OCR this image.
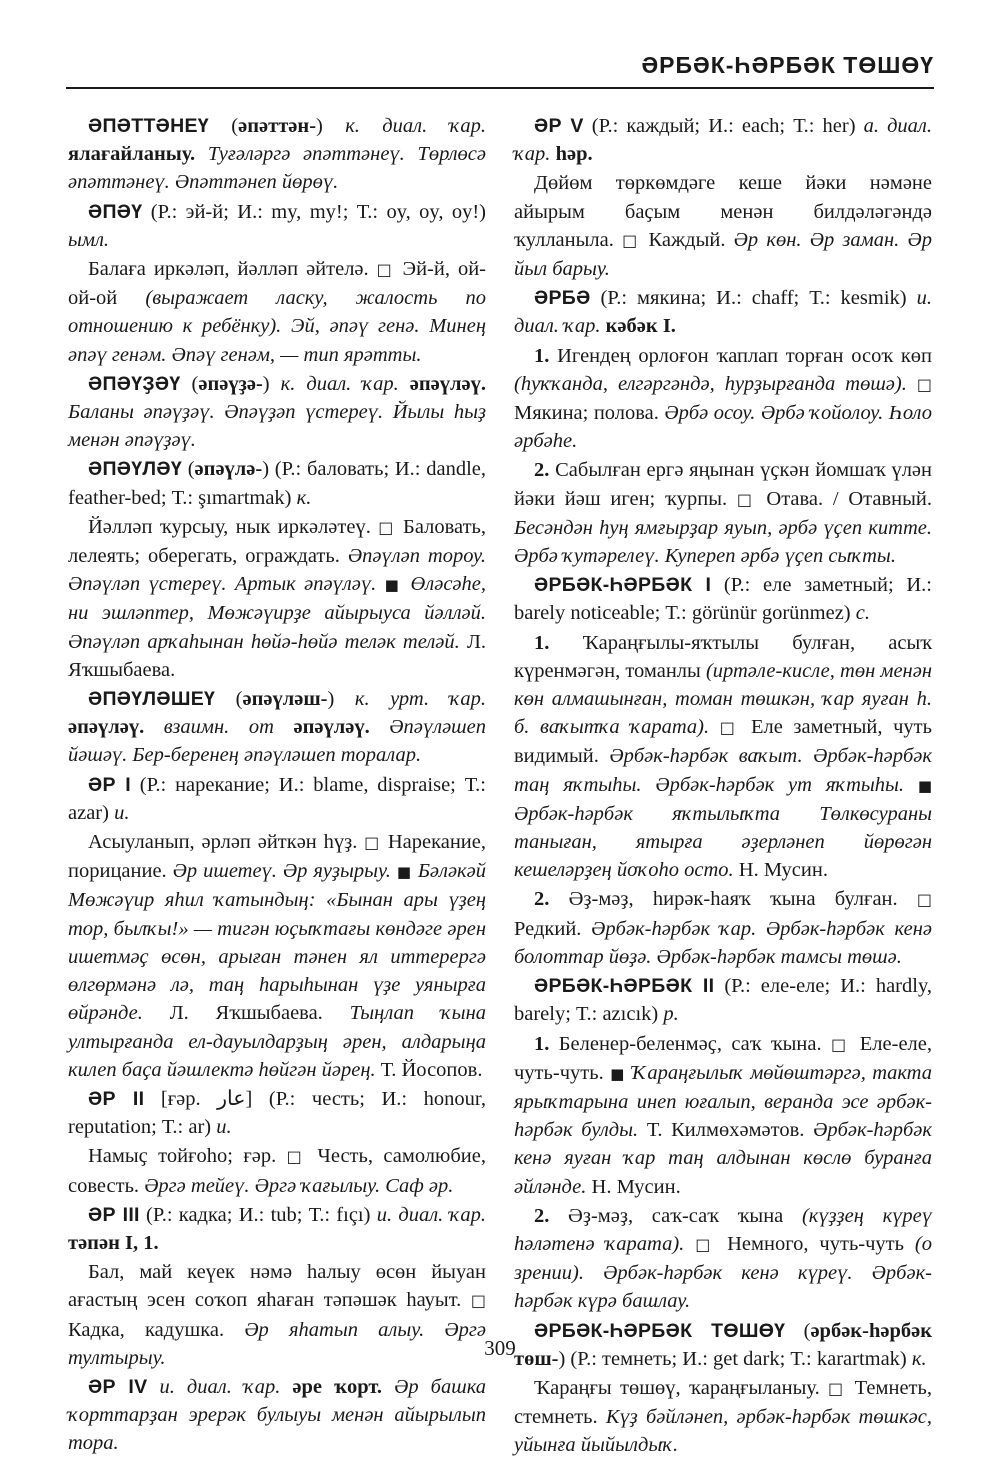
ӘРБӘК-ҺӘРБӘК ТӨШӨҮ

ӘПӘТТӘНЕҮ (әпәттән-) к. диал. ҡар. ялағайланыу. Туғәләргә әпәттәнеү. Төрлөсә әпәттәнеү. Әпәттәнеп йөрөү.

ӘПӘҮ (Р.: эй-й; И.: my, my!; Т.: oy, oy, oy!) ымл.

Балаға иркәләп, йәлләп әйтелә. □ Эй-й, ой-ой-ой (выражает ласку, жалость по отношению к ребёнку). Эй, әпәү генә. Минең әпәү генәм. Әпәү генәм, — тип ярәтты.

ӘПӘҮҘӘҮ (әпәүҙә-) к. диал. ҡар. әпәүләү. Баланы әпәүҙәү. Әпәүҙәп үстереү. Йылы һыҙ менән әпәүҙәү.

ӘПӘҮЛӘҮ (әпәүлә-) (Р.: баловать; И.: dandle, feather-bed; Т.: şımartmak) к.

Йәлләп ҡурсыу, нык иркәләтеү. □ Баловать, лелеять; оберегать, ограждать. Әпәүләп тороу. Әпәүләп үстереү. Артык әпәүләү. ■ Өләсәһе, ни эшләптер, Мөжәүирҙе айырыуса йәлләй. Әпәүләп арҡаһынан һөйә-һөйә теләк теләй. Л. Яҡшыбаева.

ӘПӘҮЛӘШЕҮ (әпәүләш-) к. урт. ҡар. әпәүләү. взаимн. от әпәүләү. Әпәүләшеп йәшәү. Бер-беренең әпәүләшеп торалар.

ӘР I (Р.: нарекание; И.: blame, dispraise; Т.: azar) и.

Асыуланып, әрләп әйткән һүҙ. □ Нарекание, порицание. Әр ишетеү. Әр яуҙырыу. ■ Бәләкәй Мөжәүир яһил ҡатындың: «Бынан ары үҙең тор, былҡы!» — тигән юҫыҡтағы көндәге әрен ишетмәҫ өсөн, арыған тәнен ял иттерергә өлгөрмәнә лә, таң һарыһынан үҙе уянырға өйрәнде. Л. Яҡшыбаева. Тыңлап ҡына ултырғанда ел-дауылдарҙың әрен, алдарыңа килеп баҫа йәшлектә һөйгән йәрең. Т. Йосопов.

ӘР II [ғәр. عار] (Р.: честь; И.: honour, reputation; Т.: ar) и.

Намыҫ тойғоһо; ғәр. □ Честь, самолюбие, совесть. Әргә тейеү. Әргә ҡағылыу. Саф әр.

ӘР III (Р.: кадка; И.: tub; Т.: fıçı) и. диал. ҡар. тәпән I, 1.

Бал, май кеүек нәмә һалыу өсөн йыуан ағастың эсен соҡоп яһаған тәпәшәк һауыт. □ Кадка, кадушка. Әр яһатып алыу. Әргә тултырыу.

ӘР IV и. диал. ҡар. әре ҡорт. Әр башка ҡорттарҙан эрерәк булыуы менән айырылып тора.

ӘР V (Р.: каждый; И.: each; Т.: her) а. диал. ҡар. һәр.

Дөйөм төркөмдәге кеше йәки нәмәне айырым баҫым менән билдәләгәндә ҡулланыла. □ Каждый. Әр көн. Әр заман. Әр йыл барыу.

ӘРБӘ (Р.: мякина; И.: chaff; Т.: kesmik) и. диал. ҡар. кәбәк I.

1. Игендең орлоғон ҡаплап торған осоҡ көп (һуҡҡанда, елгәргәндә, һурҙырғанда төшә). □ Мякина; полова. Әрбә осоу. Әрбә ҡойолоу. Һоло әрбәһе.

2. Сабылған ергә яңынан үҫкән йомшаҡ үлән йәки йәш иген; ҡурпы. □ Отава. / Отавный. Бесәндән һуң ямғырҙар яуып, әрбә үҫеп китте. Әрбә ҡутәрелеү. Купереп әрбә үҫеп сыҡты.

ӘРБӘК-ҺӘРБӘК I (Р.: еле заметный; И.: barely noticeable; Т.: görünür gorünmez) с.

1. Ҡараңғылы-яҡтылы булған, асыҡ күренмәгән, томанлы (иртәле-кисле, төн менән көн алмашынған, томан төшкән, ҡар яуған һ. б. ваҡытҡа ҡарата). □ Еле заметный, чуть видимый. Әрбәк-һәрбәк ваҡыт. Әрбәк-һәрбәк таң яҡтыһы. Әрбәк-һәрбәк ут яҡтыһы. ■ Әрбәк-һәрбәк яҡтылыҡта Төлкөсураны таныған, ятырға әҙерләнеп йөрөгән кешеләрҙең йоҡоһо осто. Н. Мусин.

2. Әҙ-мәҙ, һирәк-һаяҡ ҡына булған. □ Редкий. Әрбәк-һәрбәк ҡар. Әрбәк-һәрбәк кенә болоттар йөҙә. Әрбәк-һәрбәк тамсы төшә.

ӘРБӘК-ҺӘРБӘК II (Р.: еле-еле; И.: hardly, barely; Т.: azıcık) р.

1. Беленер-беленмәҫ, саҡ ҡына. □ Еле-еле, чуть-чуть. ■ Ҡараңғылыҡ мөйөштәргә, тaкта ярыҡтарына инеп юғалып, веранда эсе әрбәк-һәрбәк булды. Т. Килмөхәмәтов. Әрбәк-һәрбәк кенә яуған ҡар таң алдынан көслө буранға әйләнде. Н. Мусин.

2. Әҙ-мәҙ, саҡ-саҡ ҡына (күҙҙең күреү һәләтенә ҡарата). □ Немного, чуть-чуть (о зрении). Әрбәк-һәрбәк кенә күреү. Әрбәк-һәрбәк күрә башлау.

ӘРБӘК-ҺӘРБӘК ТӨШӨҮ (әрбәк-һәрбәк төш-) (Р.: темнеть; И.: get dark; Т.: karartmak) к.

Ҡараңғы төшөү, ҡараңғыланыу. □ Темнеть, стемнеть. Күҙ бәйләнеп, әрбәк-һәрбәк төшкәс, уйынға йыйылдыҡ.

309
